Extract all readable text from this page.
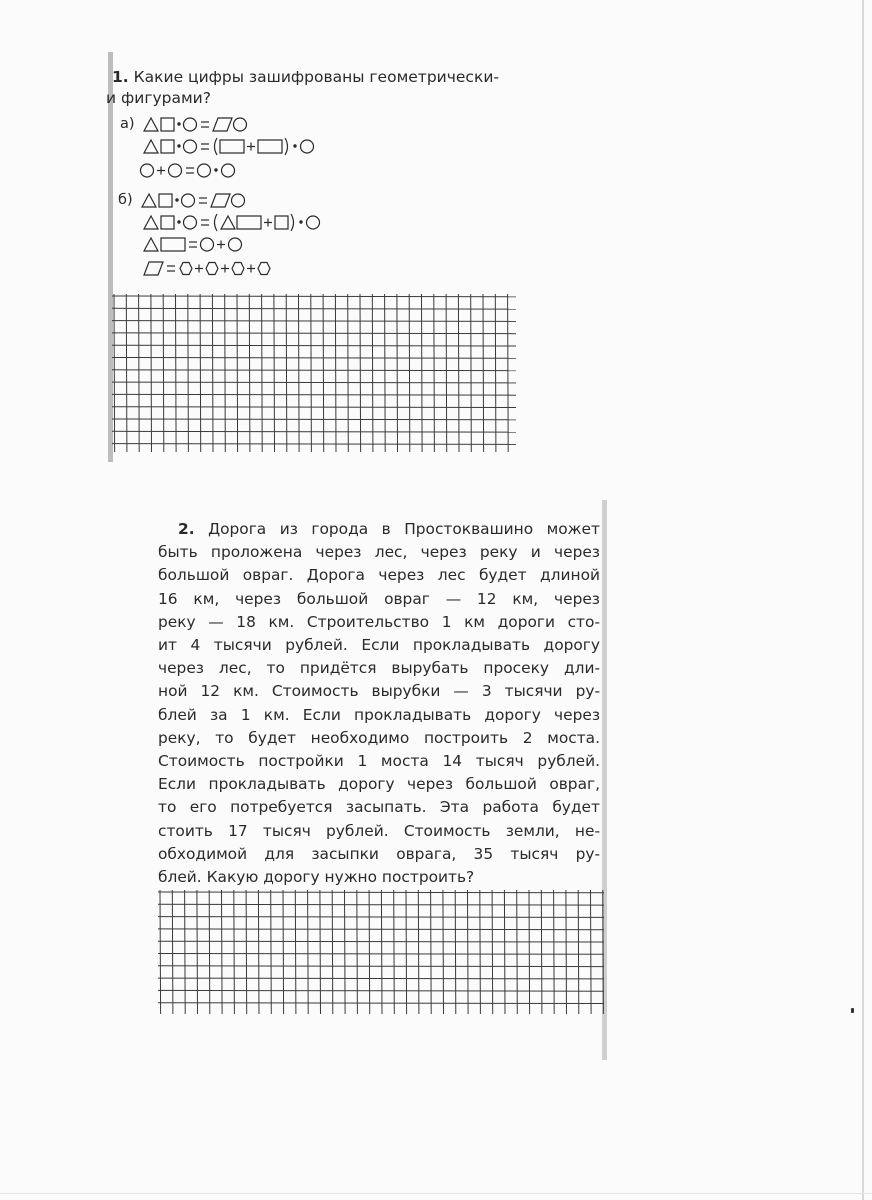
1. Какие цифры зашифрованы геометрически-
и фигурами?
а)
б)
2. Дорога из города в Простоквашино может
быть проложена через лес, через реку и через
большой овраг. Дорога через лес будет длиной
16 км, через большой овраг — 12 км, через
реку — 18 км. Строительство 1 км дороги сто-
ит 4 тысячи рублей. Если прокладывать дорогу
через лес, то придётся вырубать просеку дли-
ной 12 км. Стоимость вырубки — 3 тысячи ру-
блей за 1 км. Если прокладывать дорогу через
реку, то будет необходимо построить 2 моста.
Стоимость постройки 1 моста 14 тысяч рублей.
Если прокладывать дорогу через большой овраг,
то его потребуется засыпать. Эта работа будет
стоить 17 тысяч рублей. Стоимость земли, не-
обходимой для засыпки оврага, 35 тысяч ру-
блей. Какую дорогу нужно построить?
